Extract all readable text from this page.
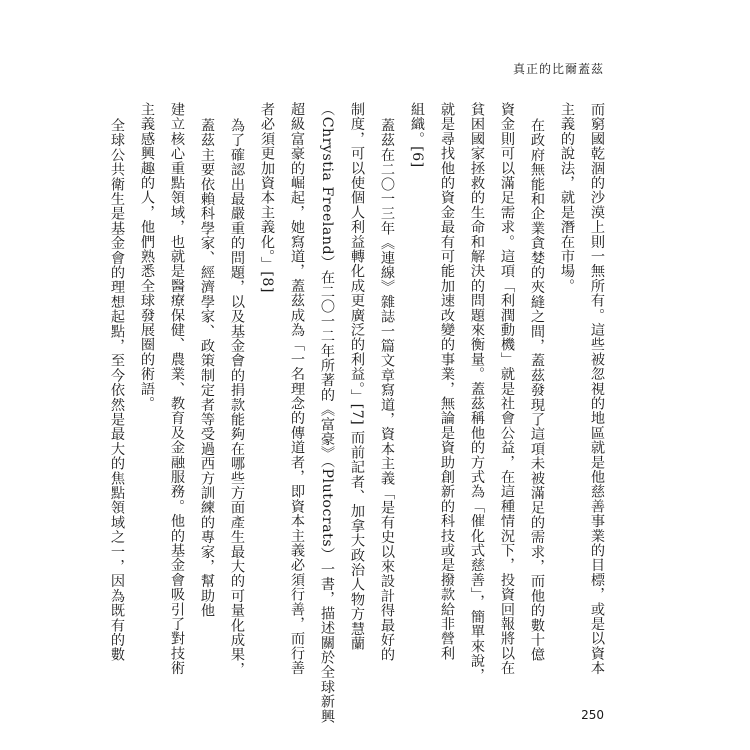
真正的比爾蓋茲
而窮國乾涸的沙漠上則一無所有。這些被忽視的地區就是他慈善事業的目標，或是以資本
主義的說法，就是潛在市場。
在政府無能和企業貪婪的夾縫之間，蓋茲發現了這項未被滿足的需求，而他的數十億
資金則可以滿足需求。這項「利潤動機」就是社會公益，在這種情況下，投資回報將以在
貧困國家拯救的生命和解決的問題來衡量。蓋茲稱他的方式為「催化式慈善」，簡單來說，
就是尋找他的資金最有可能加速改變的事業，無論是資助創新的科技或是撥款給非營利
組織。[6]
蓋茲在二〇一三年《連線》雜誌一篇文章寫道，資本主義「是有史以來設計得最好的
制度，可以使個人利益轉化成更廣泛的利益。」[7] 而前記者、加拿大政治人物方慧蘭
（Chrystia Freeland）在二〇一二年所著的《富豪》（Plutocrats）一書，描述關於全球新興
超級富豪的崛起，她寫道，蓋茲成為「一名理念的傳道者，即資本主義必須行善，而行善
者必須更加資本主義化。」[8]
為了確認出最嚴重的問題，以及基金會的捐款能夠在哪些方面產生最大的可量化成果，
蓋茲主要依賴科學家、經濟學家、政策制定者等受過西方訓練的專家，幫助他
建立核心重點領域，也就是醫療保健、農業、教育及金融服務。他的基金會吸引了對技術
主義感興趣的人，他們熟悉全球發展圈的術語。
全球公共衛生是基金會的理想起點，至今依然是最大的焦點領域之一，因為既有的數
250
